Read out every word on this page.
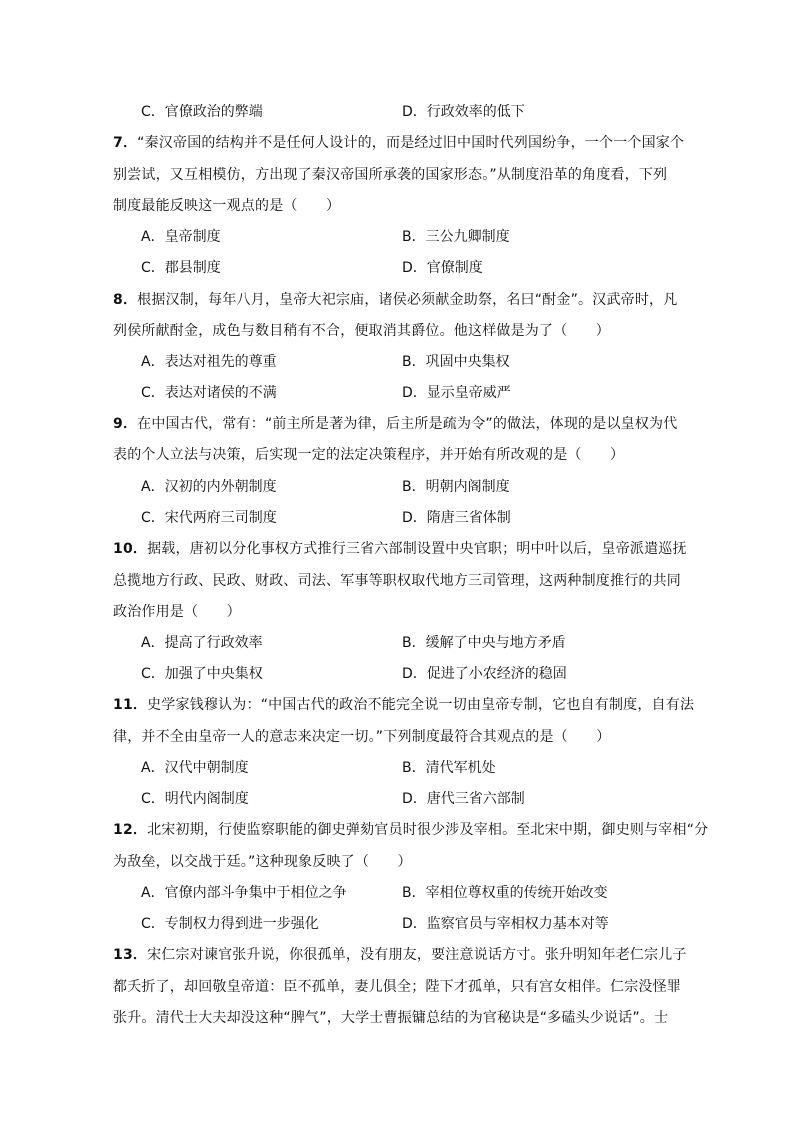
C．官僚政治的弊端	D．行政效率的低下
7．“秦汉帝国的结构并不是任何人设计的，而是经过旧中国时代列国纷争，一个一个国家个
别尝试，又互相模仿，方出现了秦汉帝国所承袭的国家形态。”从制度沿革的角度看，下列
制度最能反映这一观点的是（　　）
A．皇帝制度	B．三公九卿制度
C．郡县制度	D．官僚制度
8．根据汉制，每年八月，皇帝大祀宗庙，诸侯必须献金助祭，名曰“酎金”。汉武帝时，凡
列侯所献酎金，成色与数目稍有不合，便取消其爵位。他这样做是为了（　　）
A．表达对祖先的尊重	B．巩固中央集权
C．表达对诸侯的不满	D．显示皇帝威严
9．在中国古代，常有：“前主所是著为律，后主所是疏为令”的做法，体现的是以皇权为代
表的个人立法与决策，后实现一定的法定决策程序，并开始有所改观的是（　　）
A．汉初的内外朝制度	B．明朝内阁制度
C．宋代两府三司制度	D．隋唐三省体制
10．据载，唐初以分化事权方式推行三省六部制设置中央官职；明中叶以后，皇帝派遣巡抚
总揽地方行政、民政、财政、司法、军事等职权取代地方三司管理，这两种制度推行的共同
政治作用是（　　）
A．提高了行政效率	B．缓解了中央与地方矛盾
C．加强了中央集权	D．促进了小农经济的稳固
11．史学家钱穆认为：“中国古代的政治不能完全说一切由皇帝专制，它也自有制度，自有法
律，并不全由皇帝一人的意志来决定一切。”下列制度最符合其观点的是（　　）
A．汉代中朝制度	B．清代军机处
C．明代内阁制度	D．唐代三省六部制
12．北宋初期，行使监察职能的御史弹劾官员时很少涉及宰相。至北宋中期，御史则与宰相“分
为敌垒，以交战于廷。”这种现象反映了（　　）
A．官僚内部斗争集中于相位之争	B．宰相位尊权重的传统开始改变
C．专制权力得到进一步强化	D．监察官员与宰相权力基本对等
13．宋仁宗对谏官张升说，你很孤单，没有朋友，要注意说话方寸。张升明知年老仁宗儿子
都夭折了，却回敬皇帝道：臣不孤单，妻儿俱全；陛下才孤单，只有宫女相伴。仁宗没怪罪
张升。清代士大夫却没这种“脾气”，大学士曹振镛总结的为官秘诀是“多磕头少说话”。士
